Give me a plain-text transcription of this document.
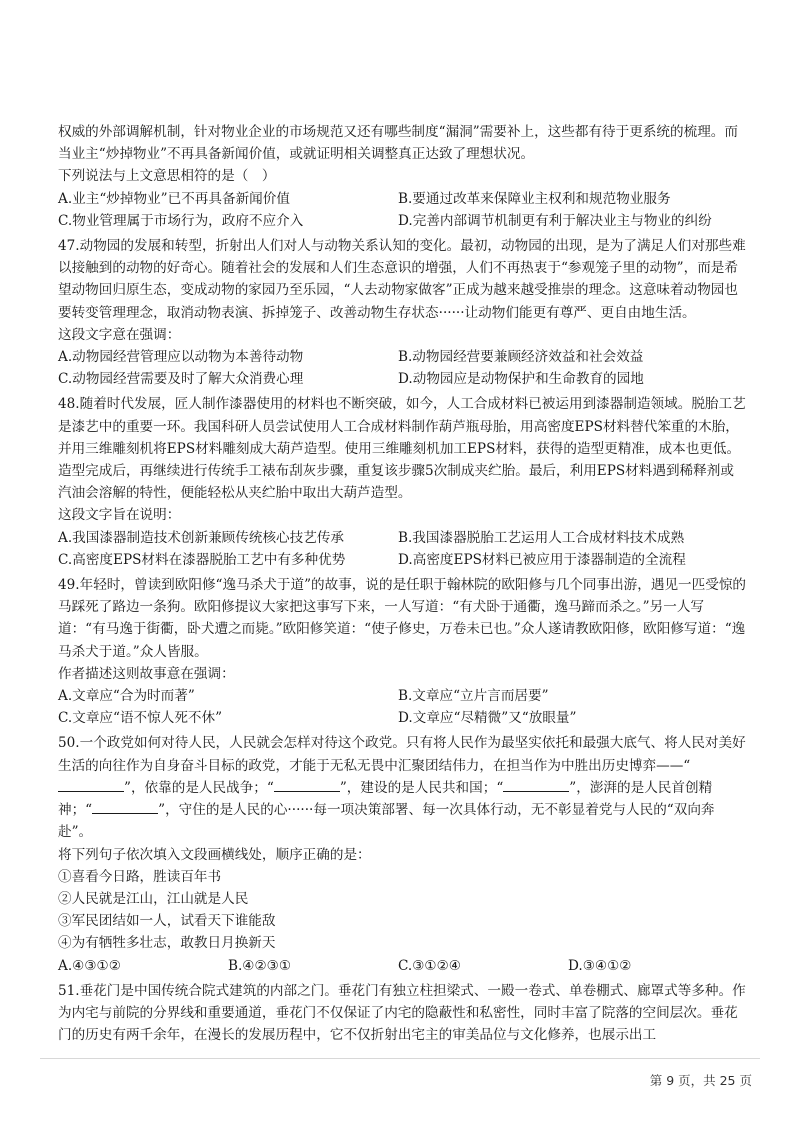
权威的外部调解机制，针对物业企业的市场规范又还有哪些制度“漏洞”需要补上，这些都有待于更系统的梳理。而当业主“炒掉物业”不再具备新闻价值，或就证明相关调整真正达致了理想状况。

下列说法与上文意思相符的是（　）

A.业主“炒掉物业”已不再具备新闻价值	B.要通过改革来保障业主权利和规范物业服务
C.物业管理属于市场行为，政府不应介入	D.完善内部调节机制更有利于解决业主与物业的纠纷

47.动物园的发展和转型，折射出人们对人与动物关系认知的变化。最初，动物园的出现，是为了满足人们对那些难以接触到的动物的好奇心。随着社会的发展和人们生态意识的增强，人们不再热衷于“参观笼子里的动物”，而是希望动物回归原生态，变成动物的家园乃至乐园，“人去动物家做客”正成为越来越受推崇的理念。这意味着动物园也要转变管理理念，取消动物表演、拆掉笼子、改善动物生存状态······让动物们能更有尊严、更自由地生活。

这段文字意在强调：

A.动物园经营管理应以动物为本善待动物	B.动物园经营要兼顾经济效益和社会效益
C.动物园经营需要及时了解大众消费心理	D.动物园应是动物保护和生命教育的园地

48.随着时代发展，匠人制作漆器使用的材料也不断突破，如今，人工合成材料已被运用到漆器制造领域。脱胎工艺是漆艺中的重要一环。我国科研人员尝试使用人工合成材料制作葫芦瓶母胎，用高密度EPS材料替代笨重的木胎，并用三维雕刻机将EPS材料雕刻成大葫芦造型。使用三维雕刻机加工EPS材料，获得的造型更精准，成本也更低。造型完成后，再继续进行传统手工裱布刮灰步骤，重复该步骤5次制成夹纻胎。最后，利用EPS材料遇到稀释剂或汽油会溶解的特性，便能轻松从夹纻胎中取出大葫芦造型。

这段文字旨在说明：

A.我国漆器制造技术创新兼顾传统核心技艺传承	B.我国漆器脱胎工艺运用人工合成材料技术成熟
C.高密度EPS材料在漆器脱胎工艺中有多种优势	D.高密度EPS材料已被应用于漆器制造的全流程

49.年轻时，曾读到欧阳修“逸马杀犬于道”的故事，说的是任职于翰林院的欧阳修与几个同事出游，遇见一匹受惊的马踩死了路边一条狗。欧阳修提议大家把这事写下来，一人写道：“有犬卧于通衢，逸马蹄而杀之。”另一人写道：“有马逸于街衢，卧犬遭之而毙。”欧阳修笑道：“使子修史，万卷未已也。”众人遂请教欧阳修，欧阳修写道：“逸马杀犬于道。”众人皆服。

作者描述这则故事意在强调：

A.文章应“合为时而著”	B.文章应“立片言而居要”
C.文章应“语不惊人死不休”	D.文章应“尽精微”又“放眼量”

50.一个政党如何对待人民，人民就会怎样对待这个政党。只有将人民作为最坚实依托和最强大底气、将人民对美好生活的向往作为自身奋斗目标的政党，才能于无私无畏中汇聚团结伟力，在担当作为中胜出历史博弈——“”，依靠的是人民战争；“	”，建设的是人民共和国；“	”，澎湃的是人民首创精神；“	”，守住的是人民的心······每一项决策部署、每一次具体行动，无不彰显着党与人民的“双向奔赴”。

将下列句子依次填入文段画横线处，顺序正确的是：

①喜看今日路，胜读百年书

②人民就是江山，江山就是人民

③军民团结如一人，试看天下谁能敌

④为有牺牲多壮志，敢教日月换新天

A.④③①②	B.④②③①	C.③①②④	D.③④①②

51.垂花门是中国传统合院式建筑的内部之门。垂花门有独立柱担梁式、一殿一卷式、单卷棚式、廊罩式等多种。作为内宅与前院的分界线和重要通道，垂花门不仅保证了内宅的隐蔽性和私密性，同时丰富了院落的空间层次。垂花门的历史有两千余年，在漫长的发展历程中，它不仅折射出宅主的审美品位与文化修养，也展示出工

第 9 页，共 25 页
